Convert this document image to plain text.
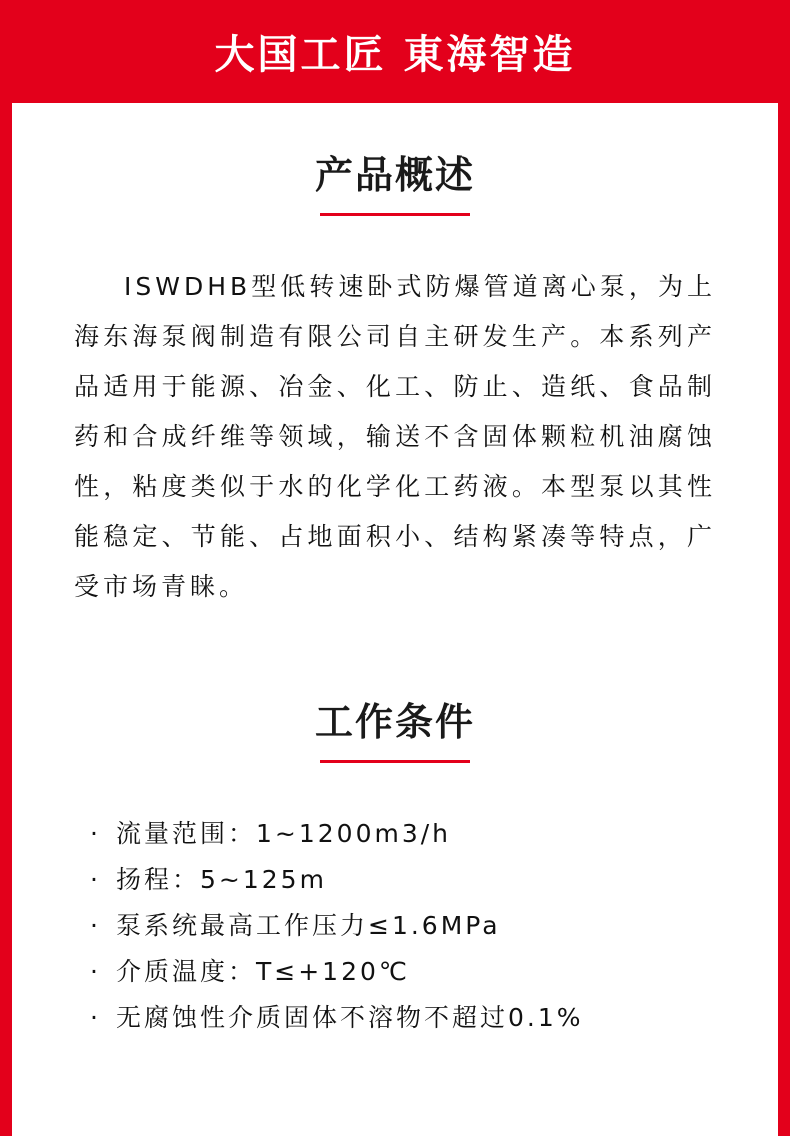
大国工匠 東海智造
产品概述
ISWDHB型低转速卧式防爆管道离心泵，为上海东海泵阀制造有限公司自主研发生产。本系列产品适用于能源、冶金、化工、防止、造纸、食品制药和合成纤维等领域，输送不含固体颗粒机油腐蚀性，粘度类似于水的化学化工药液。本型泵以其性能稳定、节能、占地面积小、结构紧凑等特点，广受市场青睐。
工作条件
· 流量范围：1~1200m3/h
· 扬程：5~125m
· 泵系统最高工作压力≤1.6MPa
· 介质温度：T≤+120℃
· 无腐蚀性介质固体不溶物不超过0.1%
